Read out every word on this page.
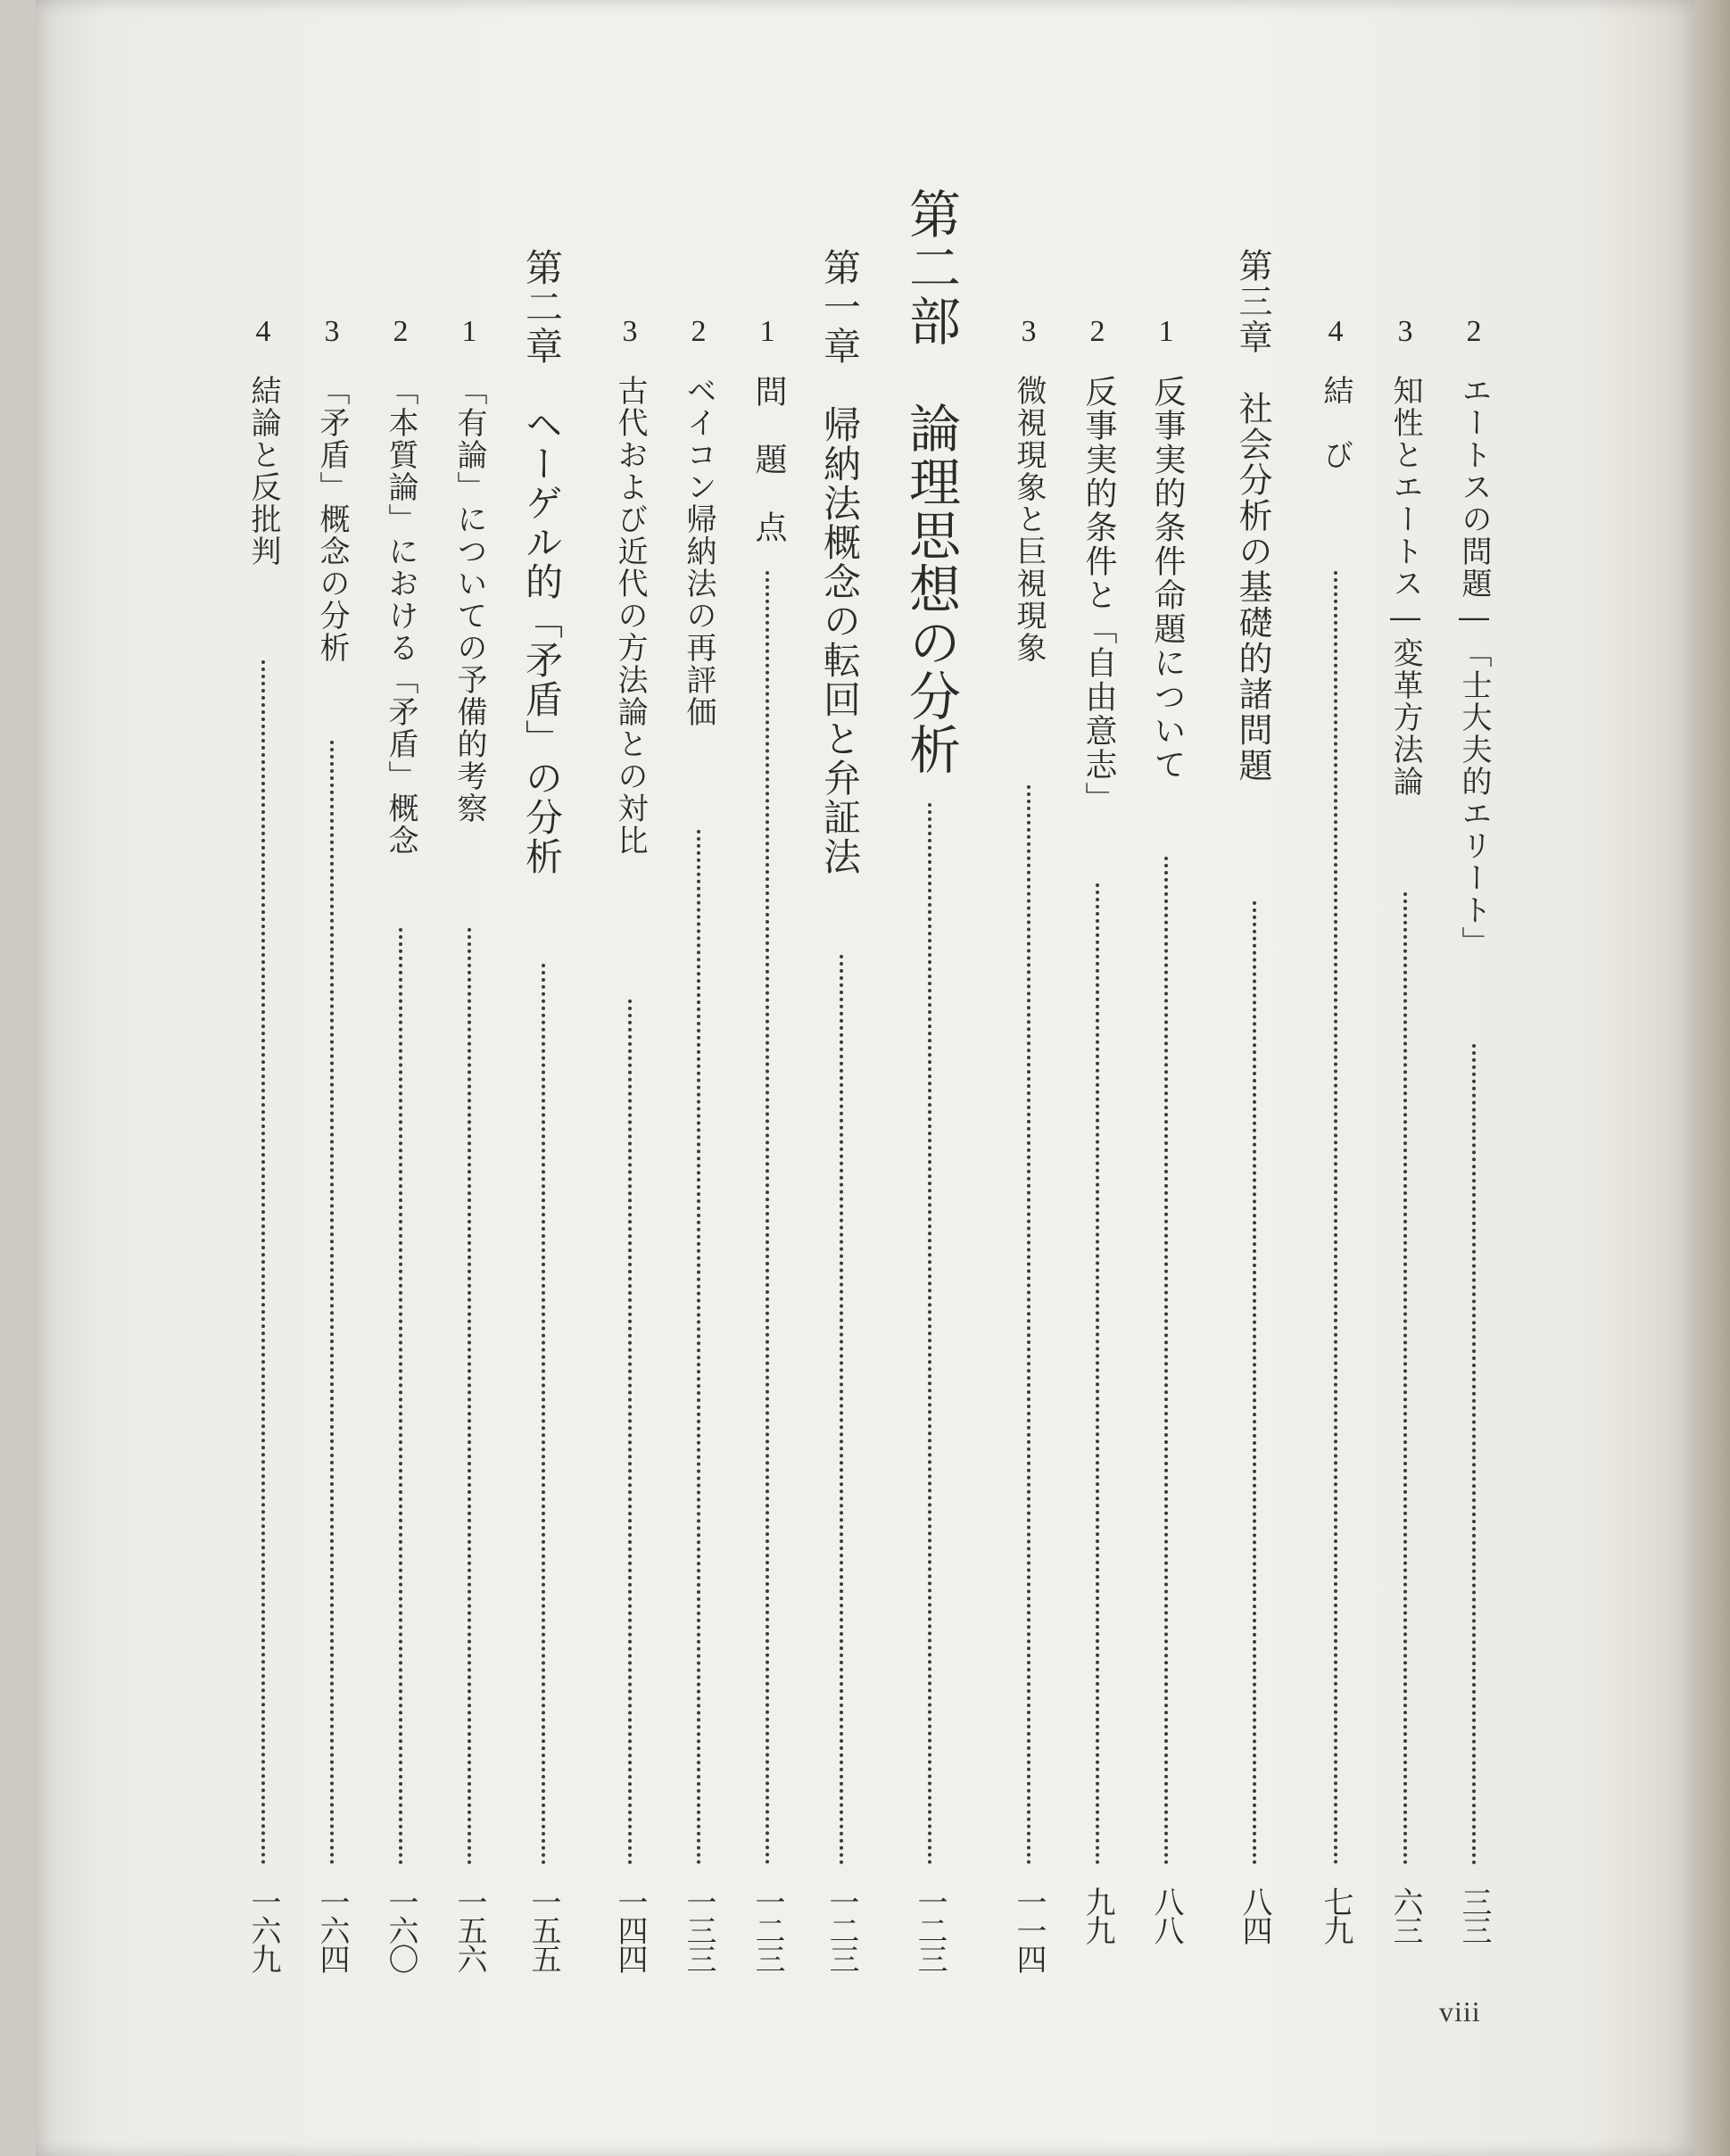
2
エートスの問題―「士大夫的エリート」
三三
3
知性とエートス―変革方法論
六三
4
結　び
七九
第三章　社会分析の基礎的諸問題
八四
1
反事実的条件命題について
八八
2
反事実的条件と「自由意志」
九九
3
微視現象と巨視現象
一一四
第二部　論理思想の分析
一二三
第一章　帰納法概念の転回と弁証法
一二三
1
問　題　点
一二三
2
ベイコン帰納法の再評価
一三三
3
古代および近代の方法論との対比
一四四
第二章　ヘーゲル的「矛盾」の分析
一五五
1
「有論」についての予備的考察
一五六
2
「本質論」における「矛盾」概念
一六〇
3
「矛盾」概念の分析
一六四
4
結論と反批判
一六九
viii
